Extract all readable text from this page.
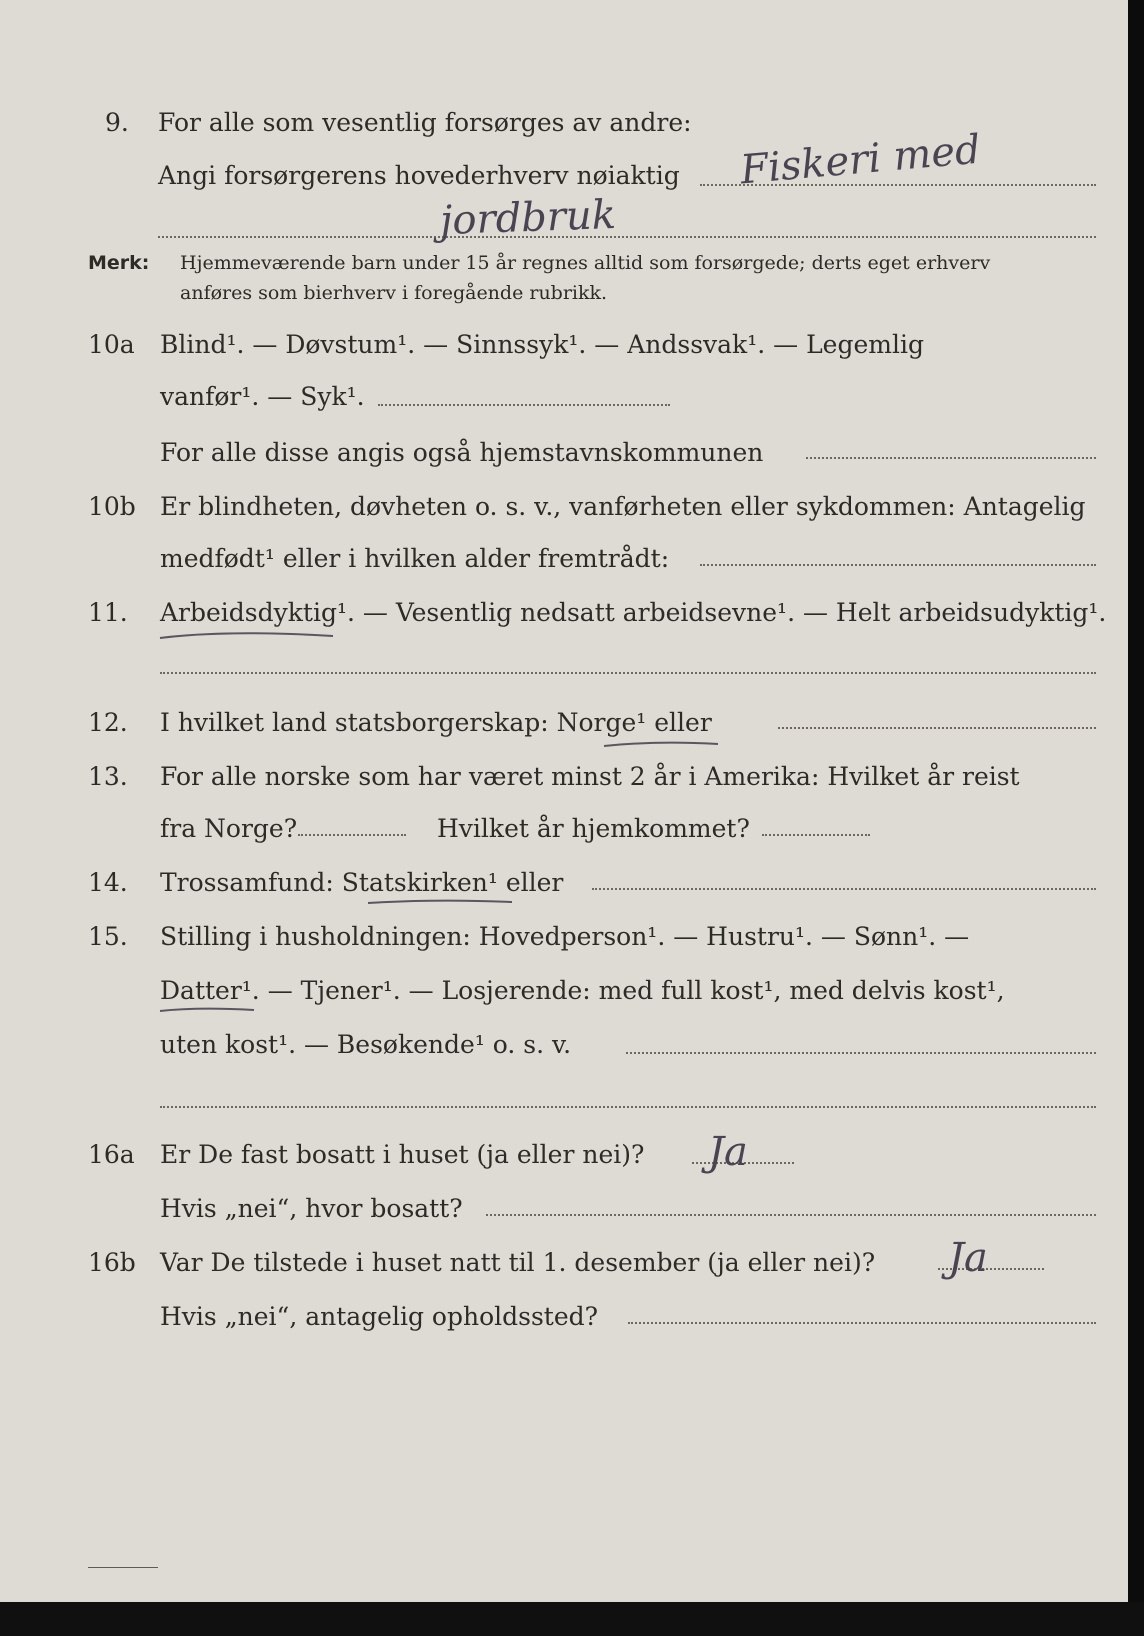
9. For alle som vesentlig forsørges av andre:
Angi forsørgerens hovederhverv nøiaktig Fiskeri med
jordbruk
Merk: Hjemmeværende barn under 15 år regnes alltid som forsørgede; derts eget erhverv
anføres som bierhverv i foregående rubrikk.
10a Blind¹. — Døvstum¹. — Sinnssyk¹. — Andssvak¹. — Legemlig
vanfør¹. — Syk¹.
For alle disse angis også hjemstavnskommunen
10b Er blindheten, døvheten o. s. v., vanførheten eller sykdommen: Antagelig
medfødt¹ eller i hvilken alder fremtrådt:
11. Arbeidsdyktig¹. — Vesentlig nedsatt arbeidsevne¹. — Helt arbeidsudyktig¹.
12. I hvilket land statsborgerskap: Norge¹ eller
13. For alle norske som har været minst 2 år i Amerika: Hvilket år reist
fra Norge?	Hvilket år hjemkommet?
14. Trossamfund: Statskirken¹ eller
15. Stilling i husholdningen: Hovedperson¹. — Hustru¹. — Sønn¹. —
Datter¹. — Tjener¹. — Losjerende: med full kost¹, med delvis kost¹,
uten kost¹. — Besøkende¹ o. s. v.
16a Er De fast bosatt i huset (ja eller nei)? Ja
Hvis „nei“, hvor bosatt?
16b Var De tilstede i huset natt til 1. desember (ja eller nei)? Ja
Hvis „nei“, antagelig opholdssted?
